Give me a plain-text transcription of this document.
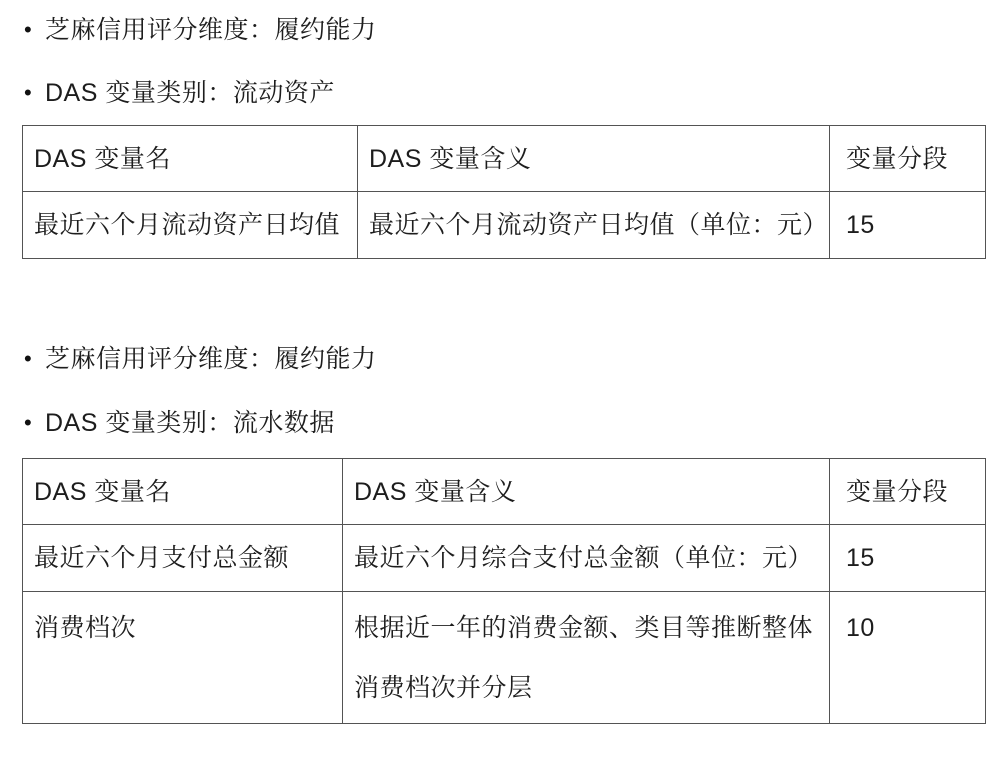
• 芝麻信用评分维度：履约能力
• DAS 变量类别：流动资产
DAS 变量名	DAS 变量含义	变量分段
最近六个月流动资产日均值	最近六个月流动资产日均值（单位：元）	15
• 芝麻信用评分维度：履约能力
• DAS 变量类别：流水数据
DAS 变量名	DAS 变量含义	变量分段
最近六个月支付总金额	最近六个月综合支付总金额（单位：元）	15
消费档次	根据近一年的消费金额、类目等推断整体消费档次并分层	10
